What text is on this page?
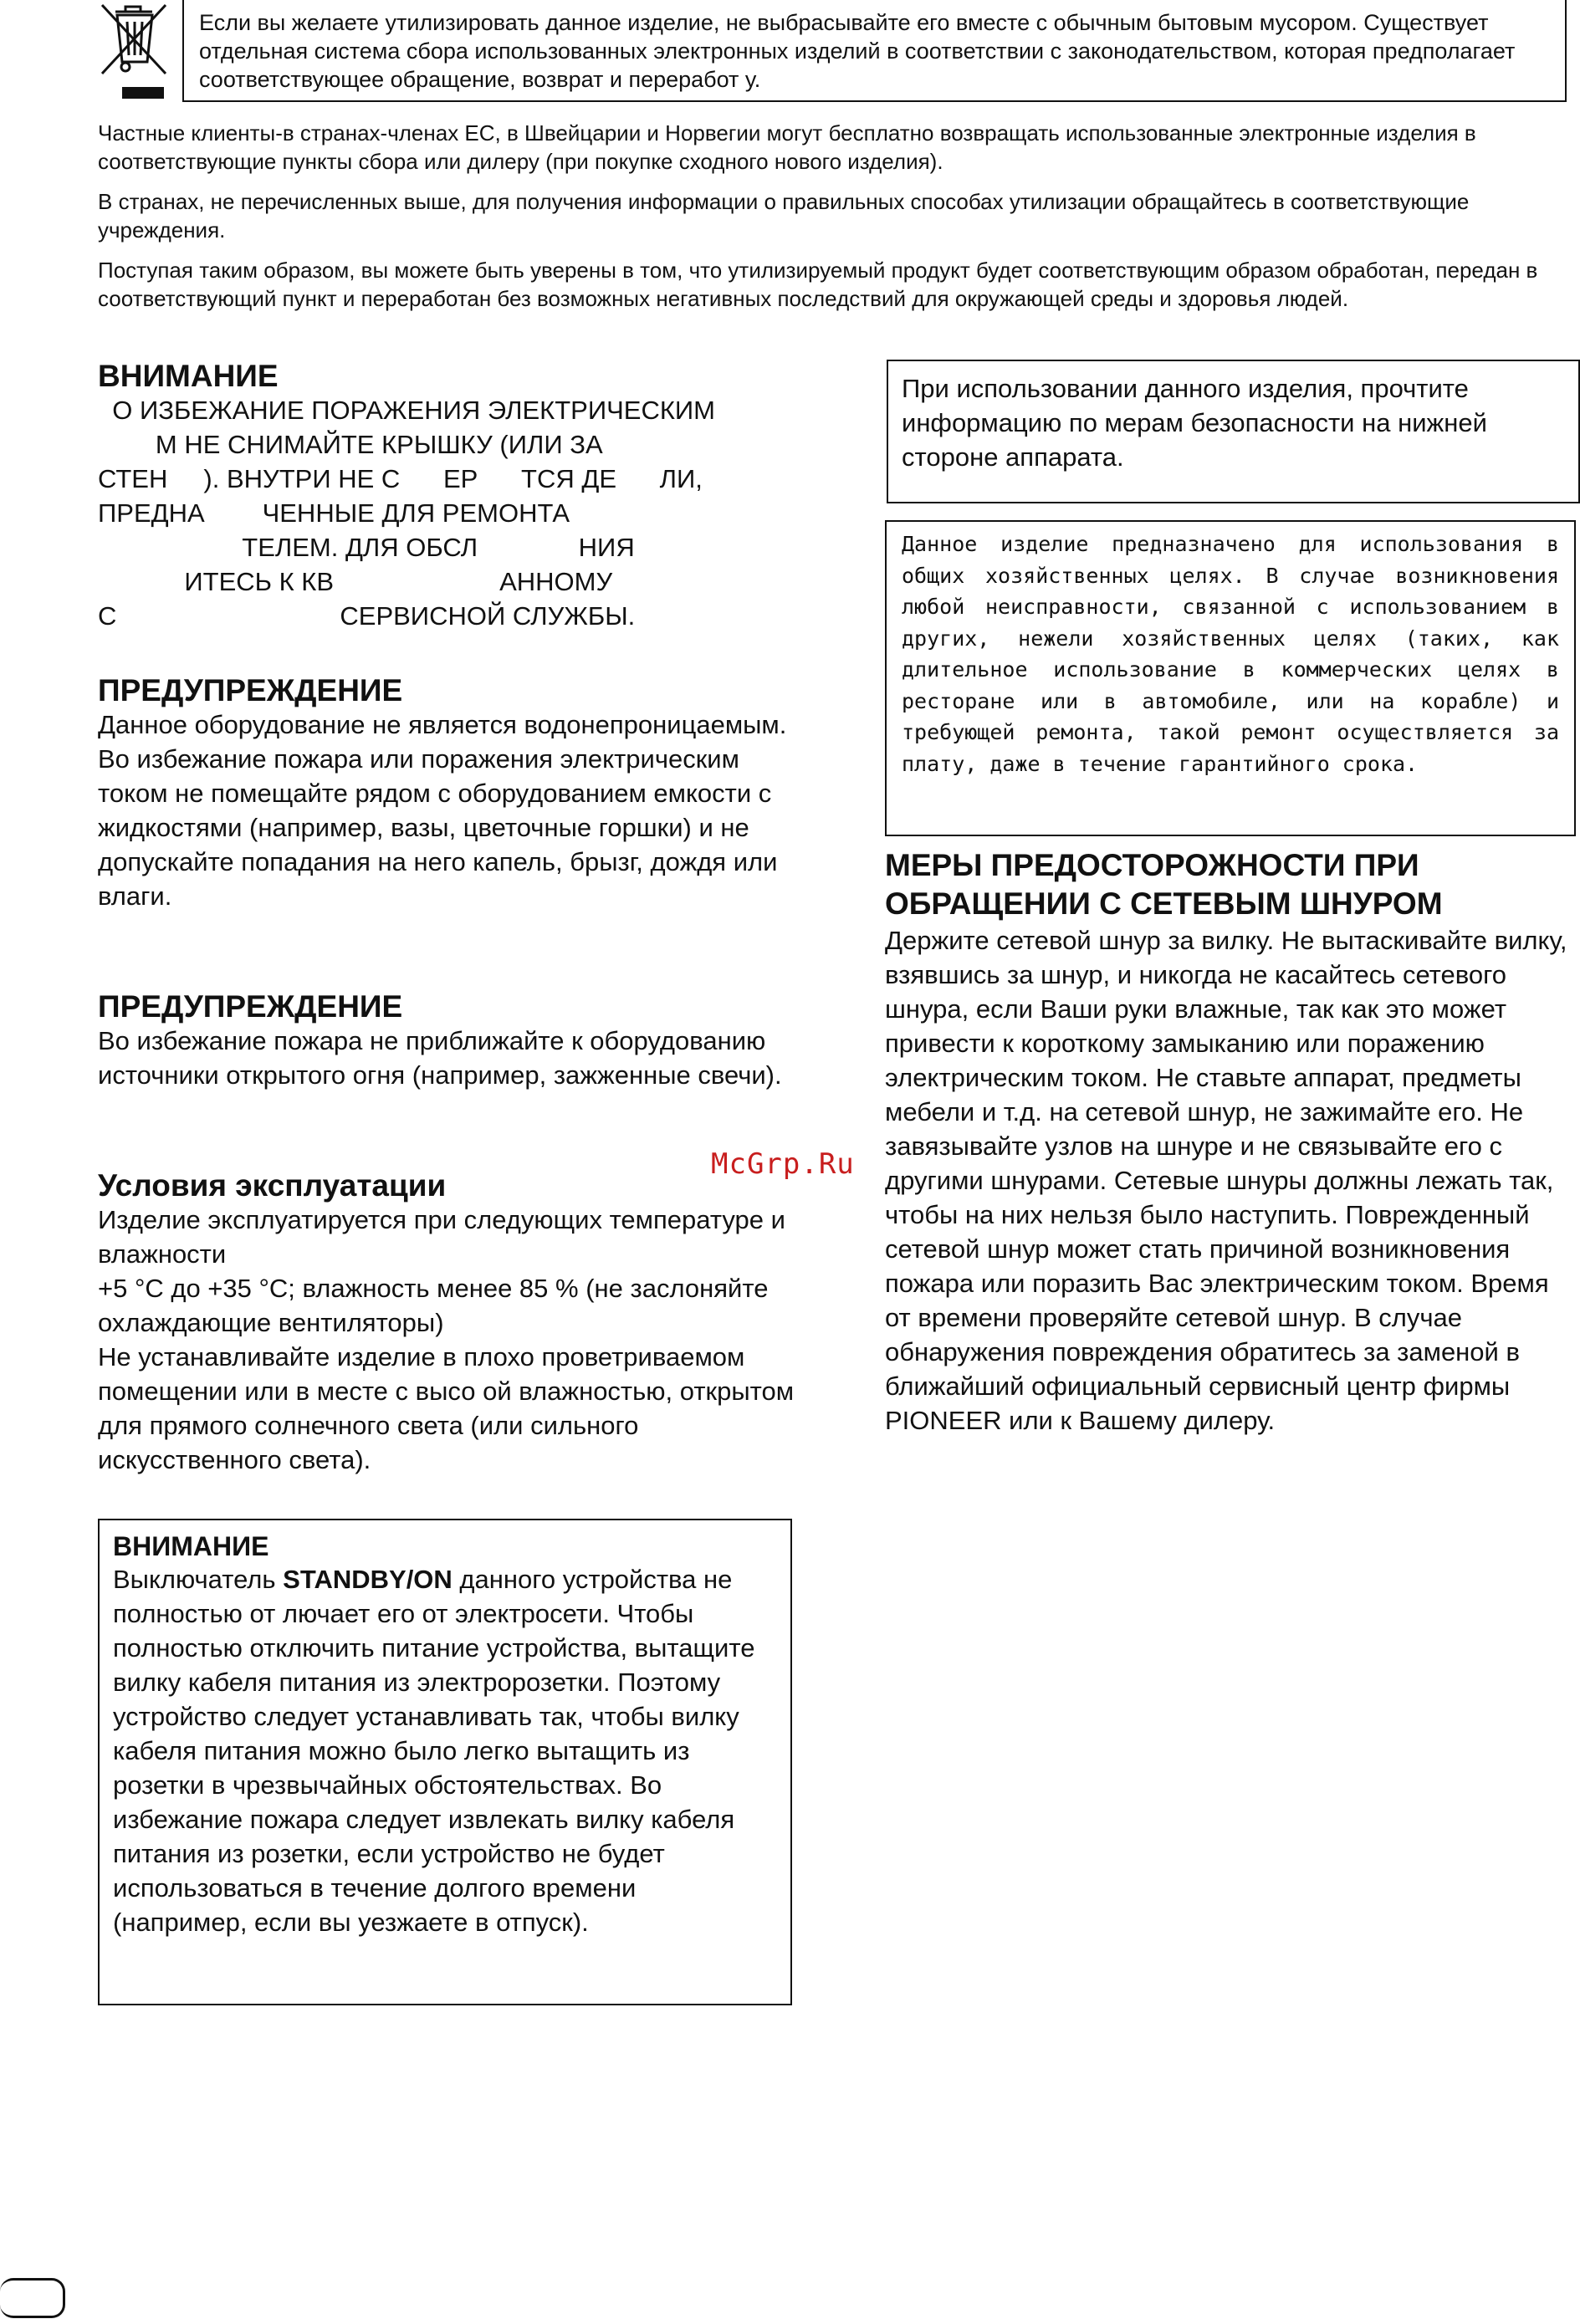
Если вы желаете утилизировать данное изделие, не выбрасывайте его вместе с обычным бытовым мусором. Существует отдельная система сбора использованных электронных изделий в соответствии с законодательством, которая предполагает соответствующее обращение, возврат и переработ у.

Частные клиенты-в странах-членах ЕС, в Швейцарии и Норвегии могут бесплатно возвращать использованные электронные изделия в соответствующие пункты сбора или дилеру (при покупке сходного нового изделия).

В странах, не перечисленных выше, для получения информации о правильных способах утилизации обращайтесь в соответствующие учреждения.

Поступая таким образом, вы можете быть уверены в том, что утилизируемый продукт будет соответствующим образом обработан, передан в соответствующий пункт и переработан без возможных негативных последствий для окружающей среды и здоровья людей.

ВНИМАНИЕ
О ИЗБЕЖАНИЕ ПОРАЖЕНИЯ ЭЛЕКТРИЧЕСКИМ
М НЕ СНИМАЙТЕ КРЫШКУ (ИЛИ ЗА
СТЕН     ). ВНУТРИ НЕ С      ЕР      ТСЯ ДЕ      ЛИ,
ПРЕДНА        ЧЕННЫЕ ДЛЯ РЕМОНТА
ТЕЛЕМ. ДЛЯ ОБСЛ              НИЯ
ИТЕСЬ К КВ                       АННОМУ
С                               СЕРВИСНОЙ СЛУЖБЫ.
ПРЕДУПРЕЖДЕНИЕ

Данное оборудование не является водонепроницаемым. Во избежание пожара или поражения электрическим током не помещайте рядом с оборудованием емкости с жидкостями (например, вазы, цветочные горшки) и не допускайте попадания на него капель, брызг, дождя или влаги.

ПРЕДУПРЕЖДЕНИЕ

Во избежание пожара не приближайте к оборудованию источники открытого огня (например, зажженные свечи).

Условия эксплуатации

Изделие эксплуатируется при следующих температуре и влажности

+5 °C до +35 °C; влажность менее 85 % (не заслоняйте охлаждающие вентиляторы)

Не устанавливайте изделие в плохо проветриваемом помещении или в месте с высо ой влажностью, открытом для прямого солнечного света (или сильного искусственного света).

ВНИМАНИЕ

Выключатель STANDBY/ON данного устройства не полностью от лючает его от электросети. Чтобы полностью отключить питание устройства, вытащите вилку кабеля питания из электророзетки. Поэтому устройство следует устанавливать так, чтобы вилку кабеля питания можно было легко вытащить из розетки в чрезвычайных обстоятельствах. Во избежание пожара следует извлекать вилку кабеля питания из розетки, если устройство не будет использоваться в течение долгого времени (например, если вы уезжаете в отпуск).

При использовании данного изделия, прочтите информацию по мерам безопасности на нижней стороне аппарата.

Данное изделие предназначено для использования в общих хозяйственных целях. В случае возникновения любой неисправности, связанной с использованием в других, нежели хозяйственных целях (таких, как длительное использование в коммерческих целях в ресторане или в автомобиле, или на корабле) и требующей ремонта, такой ремонт осуществляется за плату, даже в течение гарантийного срока.

МЕРЫ ПРЕДОСТОРОЖНОСТИ ПРИ ОБРАЩЕНИИ С СЕТЕВЫМ ШНУРОМ

Держите сетевой шнур за вилку. Не вытаскивайте вилку, взявшись за шнур, и никогда не касайтесь сетевого шнура, если Ваши руки влажные, так как это может привести к короткому замыканию или поражению электрическим током. Не ставьте аппарат, предметы мебели и т.д. на сетевой шнур, не зажимайте его. Не завязывайте узлов на шнуре и не связывайте его с другими шнурами. Сетевые шнуры должны лежать так, чтобы на них нельзя было наступить. Поврежденный сетевой шнур может стать причиной возникновения пожара или поразить Вас электрическим током. Время от времени проверяйте сетевой шнур. В случае обнаружения повреждения обратитесь за заменой в ближайший официальный сервисный центр фирмы PIONEER или к Вашему дилеру.

McGrp.Ru
